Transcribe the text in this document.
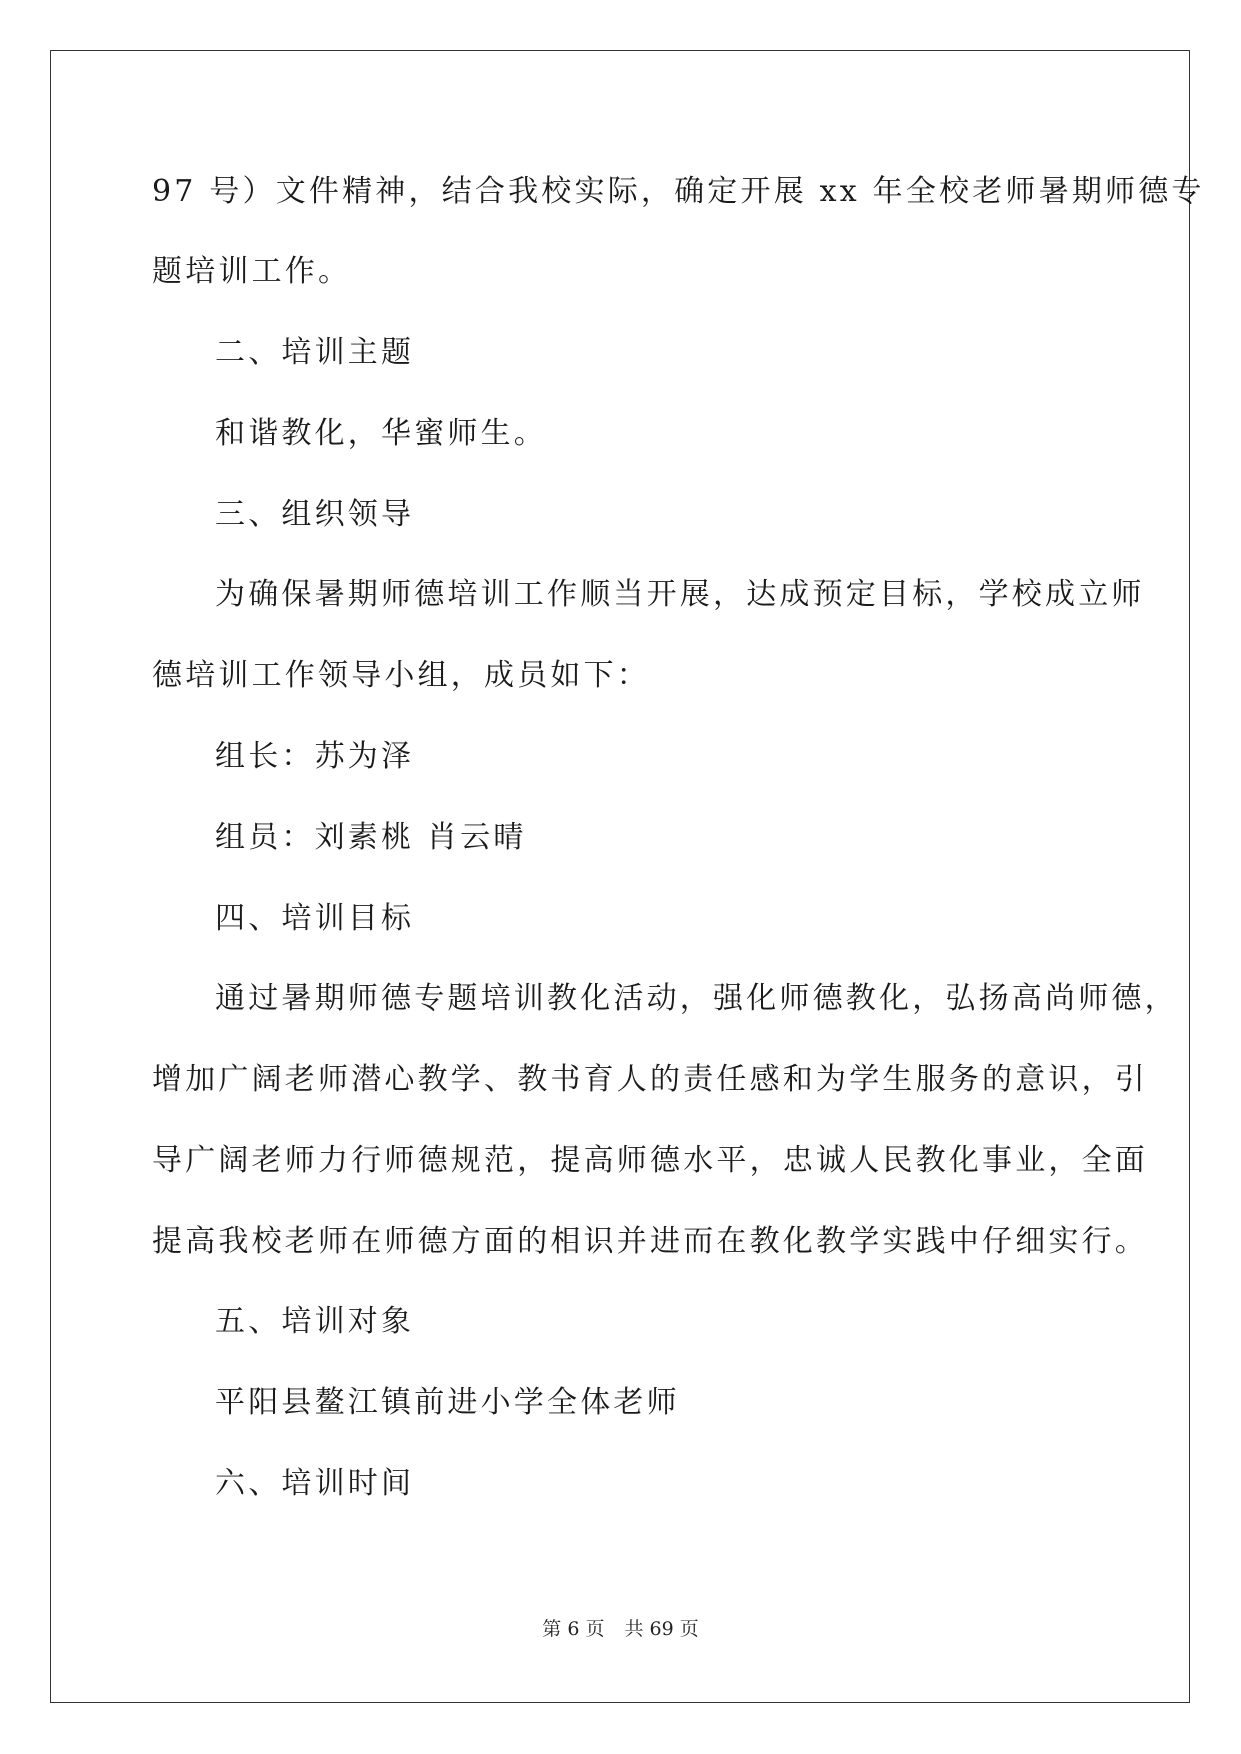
97 号）文件精神，结合我校实际，确定开展 xx 年全校老师暑期师德专
题培训工作。
二、培训主题
和谐教化，华蜜师生。
三、组织领导
为确保暑期师德培训工作顺当开展，达成预定目标，学校成立师
德培训工作领导小组，成员如下：
组长：苏为泽
组员：刘素桃 肖云晴
四、培训目标
通过暑期师德专题培训教化活动，强化师德教化，弘扬高尚师德，
增加广阔老师潜心教学、教书育人的责任感和为学生服务的意识，引
导广阔老师力行师德规范，提高师德水平，忠诚人民教化事业，全面
提高我校老师在师德方面的相识并进而在教化教学实践中仔细实行。
五、培训对象
平阳县鳌江镇前进小学全体老师
六、培训时间
第 6 页 共 69 页
